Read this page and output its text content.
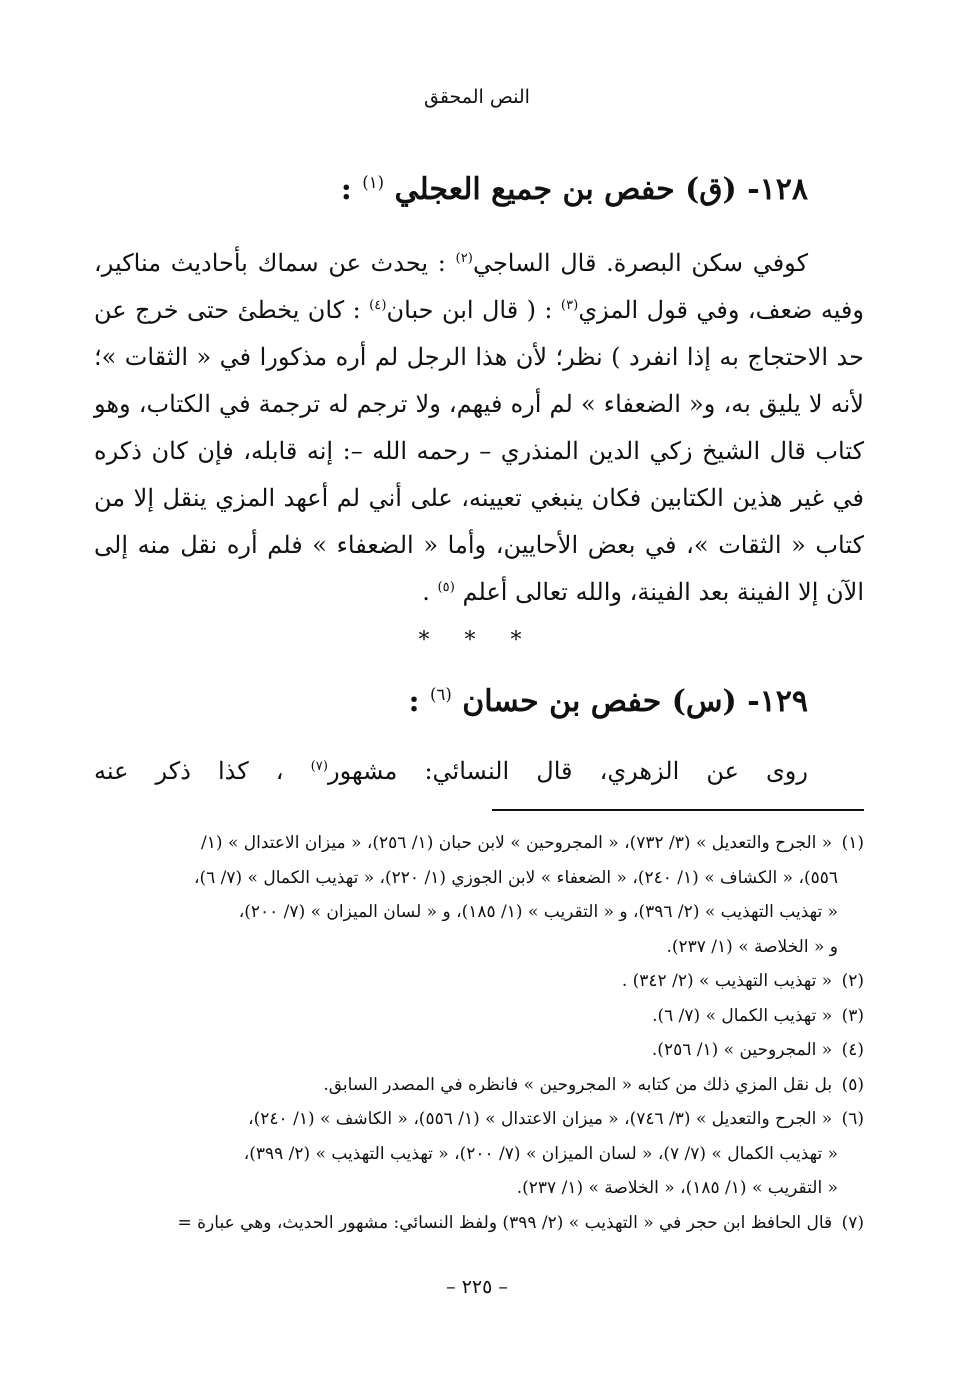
النص المحقق
١٢٨- (ق) حفص بن جميع العجلي $^{(١)}$ :

كوفي سكن البصرة. قال الساجي$^{(٢)}$ : يحدث عن سماك بأحاديث مناكير، وفيه ضعف، وفي قول المزي$^{(٣)}$ : ( قال ابن حبان$^{(٤)}$ : كان يخطئ حتى خرج عن حد الاحتجاج به إذا انفرد ) نظر؛ لأن هذا الرجل لم أره مذكورا في « الثقات »؛ لأنه لا يليق به، و« الضعفاء » لم أره فيهم، ولا ترجم له ترجمة في الكتاب، وهو كتاب قال الشيخ زكي الدين المنذري – رحمه الله –: إنه قابله، فإن كان ذكره في غير هذين الكتابين فكان ينبغي تعيينه، على أني لم أعهد المزي ينقل إلا من كتاب « الثقات »، في بعض الأحايين، وأما « الضعفاء » فلم أره نقل منه إلى الآن إلا الفينة بعد الفينة، والله تعالى أعلم $^{(٥)}$ .

* * *
١٢٩- (س) حفص بن حسان $^{(٦)}$ :

روى عن الزهري، قال النسائي: مشهور$^{(٧)}$ ، كذا ذكر عنه

(١) « الجرح والتعديل » (٣/ ٧٣٢)، « المجروحين » لابن حبان (١/ ٢٥٦)، « ميزان الاعتدال » (١/
٥٥٦)، « الكشاف » (١/ ٢٤٠)، « الضعفاء » لابن الجوزي (١/ ٢٢٠)، « تهذيب الكمال » (٧/ ٦)،
« تهذيب التهذيب » (٢/ ٣٩٦)، و « التقريب » (١/ ١٨٥)، و « لسان الميزان » (٧/ ٢٠٠)،
و « الخلاصة » (١/ ٢٣٧).

(٢) « تهذيب التهذيب » (٢/ ٣٤٢) .

(٣) « تهذيب الكمال » (٧/ ٦).

(٤) « المجروحين » (١/ ٢٥٦).

(٥) بل نقل المزي ذلك من كتابه « المجروحين » فانظره في المصدر السابق.

(٦) « الجرح والتعديل » (٣/ ٧٤٦)، « ميزان الاعتدال » (١/ ٥٥٦)، « الكاشف » (١/ ٢٤٠)،
« تهذيب الكمال » (٧/ ٧)، « لسان الميزان » (٧/ ٢٠٠)، « تهذيب التهذيب » (٢/ ٣٩٩)،
« التقريب » (١/ ١٨٥)، « الخلاصة » (١/ ٢٣٧).

(٧) قال الحافظ ابن حجر في « التهذيب » (٢/ ٣٩٩) ولفظ النسائي: مشهور الحديث، وهي عبارة =

– ٢٢٥ –
